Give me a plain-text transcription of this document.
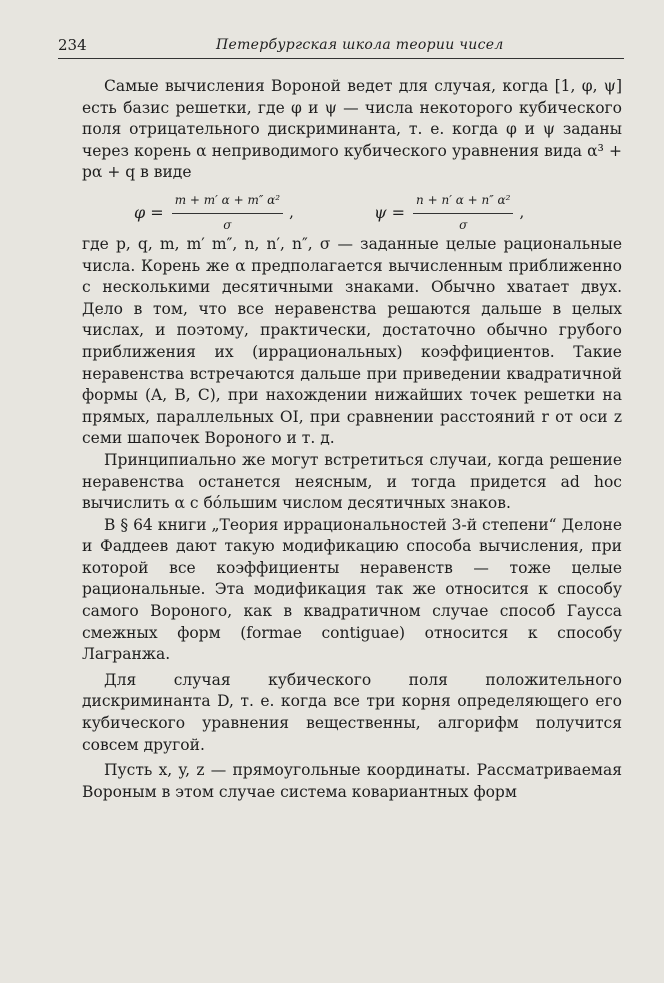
234	Петербургская школа теории чисел

Самые вычисления Вороной ведет для случая, когда [1, φ, ψ] есть базис решетки, где φ и ψ — числа некоторого кубического поля отрицательного дискриминанта, т. е. когда φ и ψ заданы через корень α неприводимого кубического уравнения вида α³ + pα + q в виде

$\varphi = \frac{\text{m + m′ α + m″ α²}}{\sigma}$ ,	$\psi = \frac{\text{n + n′ α + n″ α²}}{\sigma}$ ,

где p, q, m, m′ m″, n, n′, n″, σ — заданные целые рациональные числа. Корень же α предполагается вычисленным приближенно с несколькими десятичными знаками. Обычно хватает двух. Дело в том, что все неравенства решаются дальше в целых числах, и поэтому, практически, достаточно обычно грубого приближения их (иррациональных) коэффициентов. Такие неравенства встречаются дальше при приведении квадратичной формы (A, B, C), при нахождении нижайших точек решетки на прямых, параллельных OI, при сравнении расстояний r от оси z семи шапочек Вороного и т. д.

Принципиально же могут встретиться случаи, когда решение неравенства останется неясным, и тогда придется ad hoc вычислить α с бо́льшим числом десятичных знаков.

В § 64 книги „Теория иррациональностей 3-й степени“ Делоне и Фаддеев дают такую модификацию способа вычисления, при которой все коэффициенты неравенств — тоже целые рациональные. Эта модификация так же относится к способу самого Вороного, как в квадратичном случае способ Гаусса смежных форм (formae contiguae) относится к способу Лагранжа.

Для случая кубического поля положительного дискриминанта D, т. е. когда все три корня определяющего его кубического уравнения вещественны, алгорифм получится совсем другой.

Пусть x, y, z — прямоугольные координаты. Рассматриваемая Вороным в этом случае система ковариантных форм
